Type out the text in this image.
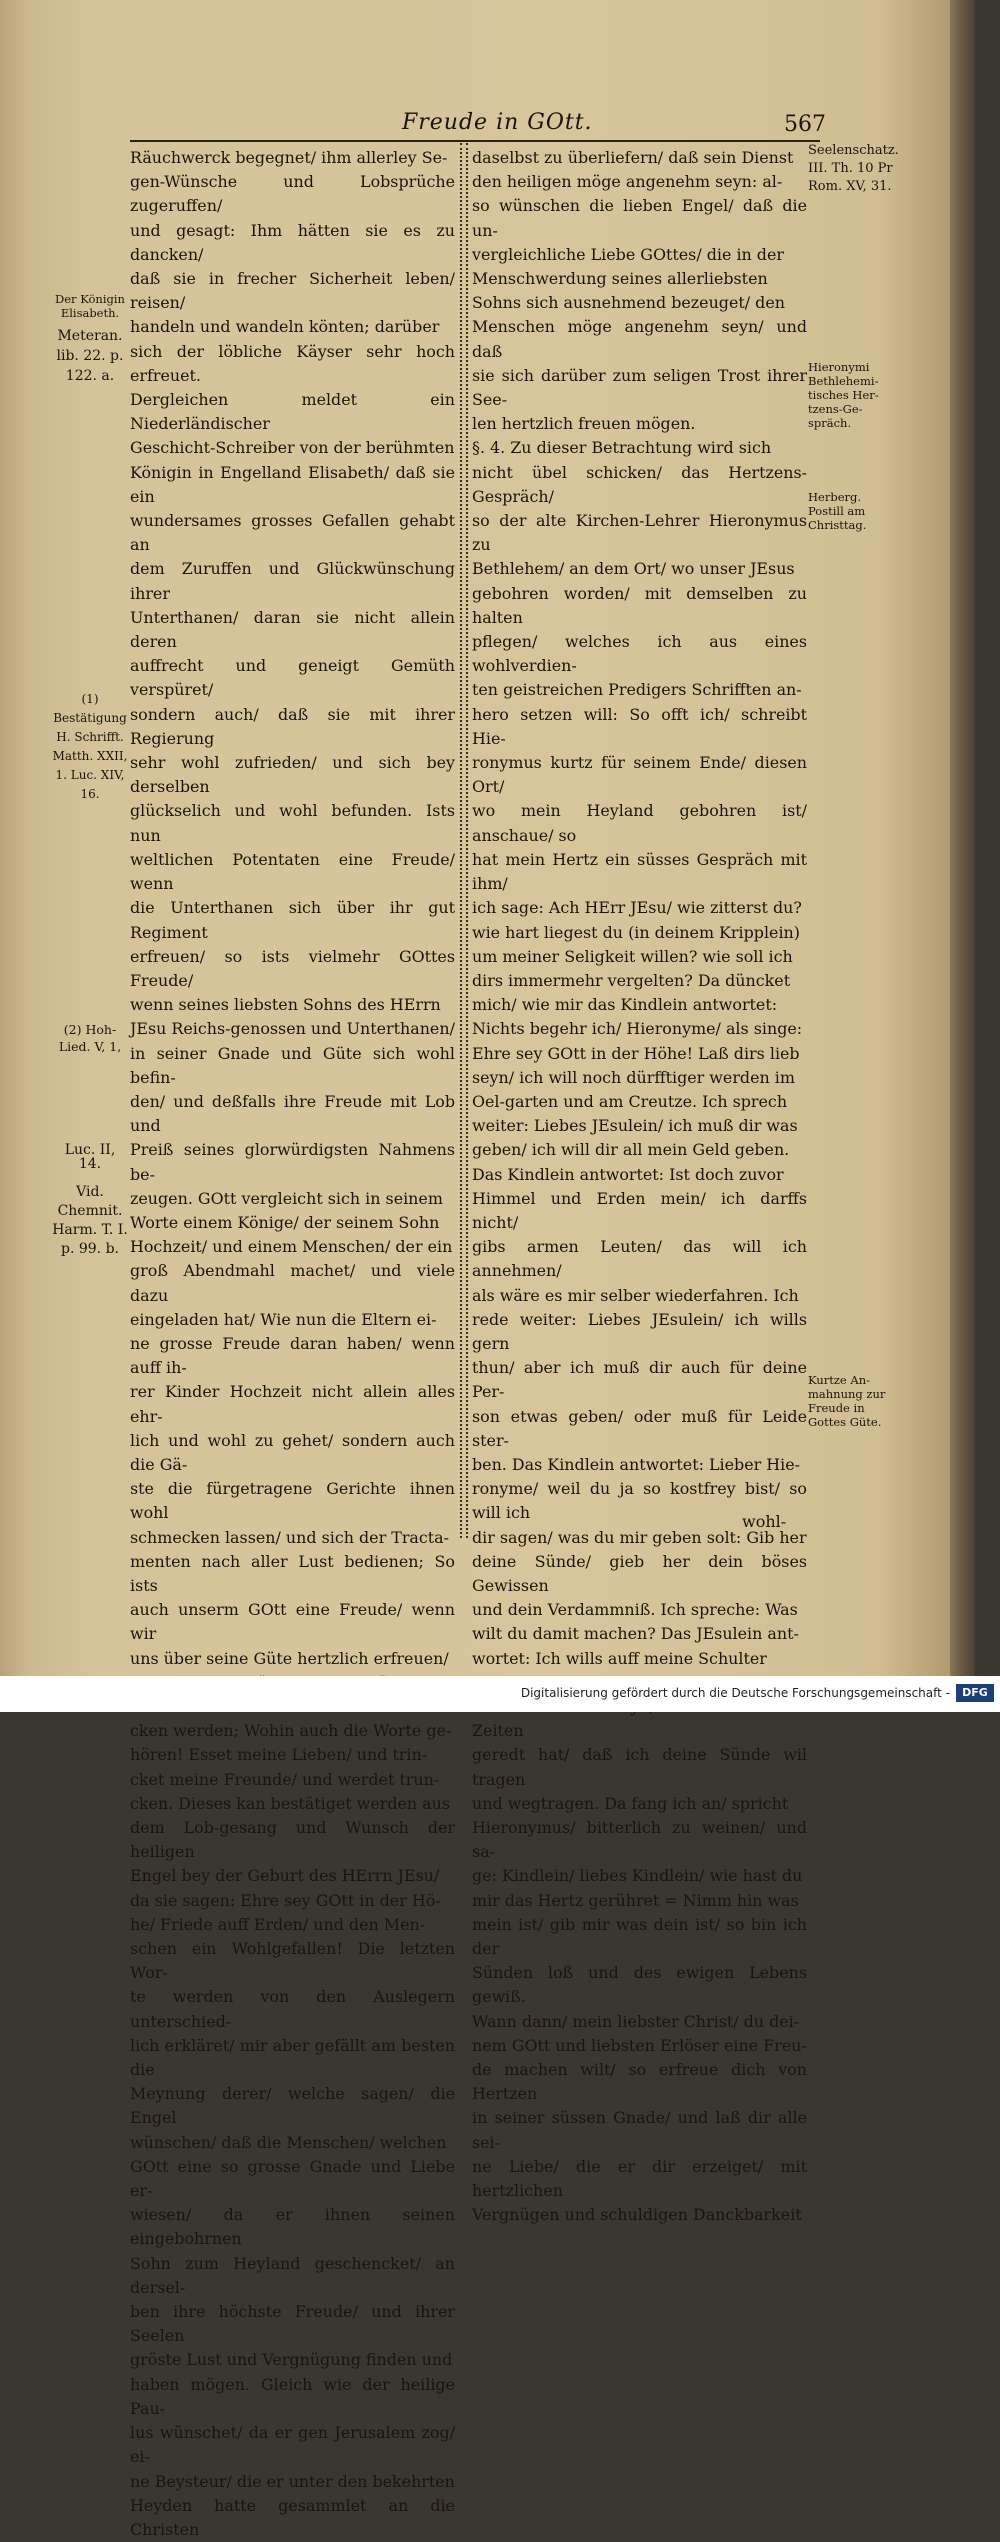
Freude in GOtt.	567

Räuchwerck begegnet/ ihm allerley Se-

gen-Wünsche und Lobsprüche zugeruffen/

und gesagt: Ihm hätten sie es zu dancken/

daß sie in frecher Sicherheit leben/ reisen/

handeln und wandeln könten; darüber

sich der löbliche Käyser sehr hoch erfreuet.

Dergleichen meldet ein Niederländischer

Geschicht-Schreiber von der berühmten

Königin in Engelland Elisabeth/ daß sie ein

wundersames grosses Gefallen gehabt an

dem Zuruffen und Glückwünschung ihrer

Unterthanen/ daran sie nicht allein deren

auffrecht und geneigt Gemüth verspüret/

sondern auch/ daß sie mit ihrer Regierung

sehr wohl zufrieden/ und sich bey derselben

glückselich und wohl befunden. Ists nun

weltlichen Potentaten eine Freude/ wenn

die Unterthanen sich über ihr gut Regiment

erfreuen/ so ists vielmehr GOttes Freude/

wenn seines liebsten Sohns des HErrn

JEsu Reichs-genossen und Unterthanen/

in seiner Gnade und Güte sich wohl befin-

den/ und deßfalls ihre Freude mit Lob und

Preiß seines glorwürdigsten Nahmens be-

zeugen. GOtt vergleicht sich in seinem

Worte einem Könige/ der seinem Sohn

Hochzeit/ und einem Menschen/ der ein

groß Abendmahl machet/ und viele dazu

eingeladen hat/ Wie nun die Eltern ei-

ne grosse Freude daran haben/ wenn auff ih-

rer Kinder Hochzeit nicht allein alles ehr-

lich und wohl zu gehet/ sondern auch die Gä-

ste die fürgetragene Gerichte ihnen wohl

schmecken lassen/ und sich der Tracta-

menten nach aller Lust bedienen; So ists

auch unserm GOtt eine Freude/ wenn wir

uns über seine Güte hertzlich erfreuen/

cken werden; Wohin auch die Worte ge-

hören! Esset meine Lieben/ und trin-

cket meine Freunde/ und werdet trun-

cken. Dieses kan bestätiget werden aus

dem Lob-gesang und Wunsch der heiligen

Engel bey der Geburt des HErrn JEsu/

da sie sagen: Ehre sey GOtt in der Hö-

he/ Friede auff Erden/ und den Men-

schen ein Wohlgefallen! Die letzten Wor-

te werden von den Auslegern unterschied-

lich erkläret/ mir aber gefällt am besten die

Meynung derer/ welche sagen/ die Engel

wünschen/ daß die Menschen/ welchen

GOtt eine so grosse Gnade und Liebe er-

wiesen/ da er ihnen seinen eingebohrnen

Sohn zum Heyland geschencket/ an dersel-

ben ihre höchste Freude/ und ihrer Seelen

gröste Lust und Vergnügung finden und

haben mögen. Gleich wie der heilige Pau-

lus wünschet/ da er gen Jerusalem zog/ ei-

ne Beysteur/ die er unter den bekehrten

Heyden hatte gesammlet an die Christen

daselbst zu überliefern/ daß sein Dienst

den heiligen möge angenehm seyn: al-

so wünschen die lieben Engel/ daß die un-

vergleichliche Liebe GOttes/ die in der

Menschwerdung seines allerliebsten

Sohns sich ausnehmend bezeuget/ den

Menschen möge angenehm seyn/ und daß

sie sich darüber zum seligen Trost ihrer See-

len hertzlich freuen mögen.

§. 4. Zu dieser Betrachtung wird sich

nicht übel schicken/ das Hertzens-Gespräch/

so der alte Kirchen-Lehrer Hieronymus zu

Bethlehem/ an dem Ort/ wo unser JEsus

gebohren worden/ mit demselben zu halten

pflegen/ welches ich aus eines wohlverdien-

ten geistreichen Predigers Schrifften an-

hero setzen will: So offt ich/ schreibt Hie-

ronymus kurtz für seinem Ende/ diesen Ort/

wo mein Heyland gebohren ist/ anschaue/ so

hat mein Hertz ein süsses Gespräch mit ihm/

ich sage: Ach HErr JEsu/ wie zitterst du?

wie hart liegest du (in deinem Kripplein)

um meiner Seligkeit willen? wie soll ich

dirs immermehr vergelten? Da düncket

mich/ wie mir das Kindlein antwortet:

Nichts begehr ich/ Hieronyme/ als singe:

Ehre sey GOtt in der Höhe! Laß dirs lieb

seyn/ ich will noch dürfftiger werden im

Oel-garten und am Creutze. Ich sprech

weiter: Liebes JEsulein/ ich muß dir was

geben/ ich will dir all mein Geld geben.

Das Kindlein antwortet: Ist doch zuvor

Himmel und Erden mein/ ich darffs nicht/

gibs armen Leuten/ das will ich annehmen/

als wäre es mir selber wiederfahren. Ich

rede weiter: Liebes JEsulein/ ich wills gern

thun/ aber ich muß dir auch für deine Per-

son etwas geben/ oder muß für Leide ster-

ben. Das Kindlein antwortet: Lieber Hie-

ronyme/ weil du ja so kostfrey bist/ so will ich

dir sagen/ was du mir geben solt: Gib her

deine Sünde/ gieb her dein böses Gewissen

und dein Verdammniß. Ich spreche: Was

wilt du damit machen? Das JEsulein ant-

wortet: Ich wills auff meine Schulter

Zeiten

geredt hat/ daß ich deine Sünde wil tragen

und wegtragen. Da fang ich an/ spricht

Hieronymus/ bitterlich zu weinen/ und sa-

ge: Kindlein/ liebes Kindlein/ wie hast du

mir das Hertz gerühret = Nimm hin was

mein ist/ gib mir was dein ist/ so bin ich der

Sünden loß und des ewigen Lebens gewiß.

Wann dann/ mein liebster Christ/ du dei-

nem GOtt und liebsten Erlöser eine Freu-

de machen wilt/ so erfreue dich von Hertzen

in seiner süssen Gnade/ und laß dir alle sei-

ne Liebe/ die er dir erzeiget/ mit hertzlichen

Vergnügen und schuldigen Danckbarkeit

Der Königin Elisabeth.
Meteran. lib. 22. p. 122. a.
(1) Bestätigung H. Schrifft. Matth. XXII, 1. Luc. XIV, 16.
(2) Hoh-Lied. V, 1,
Luc. II, 14.
Vid. Chemnit. Harm. T. I. p. 99. b.
Seelenschatz. III. Th. 10 Pr Rom. XV, 31.
Hieronymi Bethlehemi-tisches Her-tzens-Ge-spräch.
Herberg. Postill am Christtag.
Kurtze An-mahnung zur Freude in Gottes Güte.
wohl-
Digitalisierung gefördert durch die Deutsche Forschungsgemeinschaft -	DFG
